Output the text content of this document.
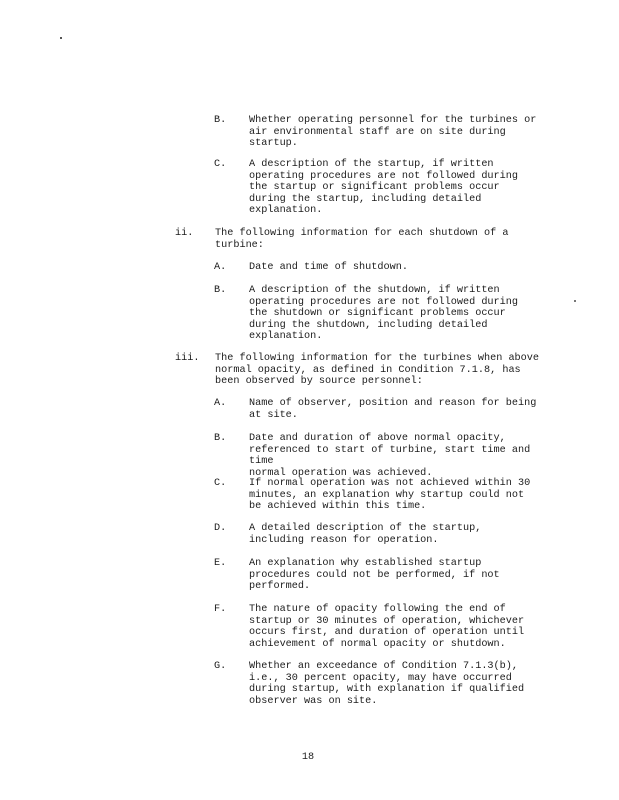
B. Whether operating personnel for the turbines or
air environmental staff are on site during
startup.
C. A description of the startup, if written
operating procedures are not followed during
the startup or significant problems occur
during the startup, including detailed
explanation.
ii. The following information for each shutdown of a
turbine:
A. Date and time of shutdown.
B. A description of the shutdown, if written
operating procedures are not followed during
the shutdown or significant problems occur
during the shutdown, including detailed
explanation.
iii. The following information for the turbines when above
normal opacity, as defined in Condition 7.1.8, has
been observed by source personnel:
A. Name of observer, position and reason for being
at site.
B. Date and duration of above normal opacity,
referenced to start of turbine, start time and time
normal operation was achieved.
C. If normal operation was not achieved within 30
minutes, an explanation why startup could not
be achieved within this time.
D. A detailed description of the startup,
including reason for operation.
E. An explanation why established startup
procedures could not be performed, if not
performed.
F. The nature of opacity following the end of
startup or 30 minutes of operation, whichever
occurs first, and duration of operation until
achievement of normal opacity or shutdown.
G. Whether an exceedance of Condition 7.1.3(b),
i.e., 30 percent opacity, may have occurred
during startup, with explanation if qualified
observer was on site.
18
